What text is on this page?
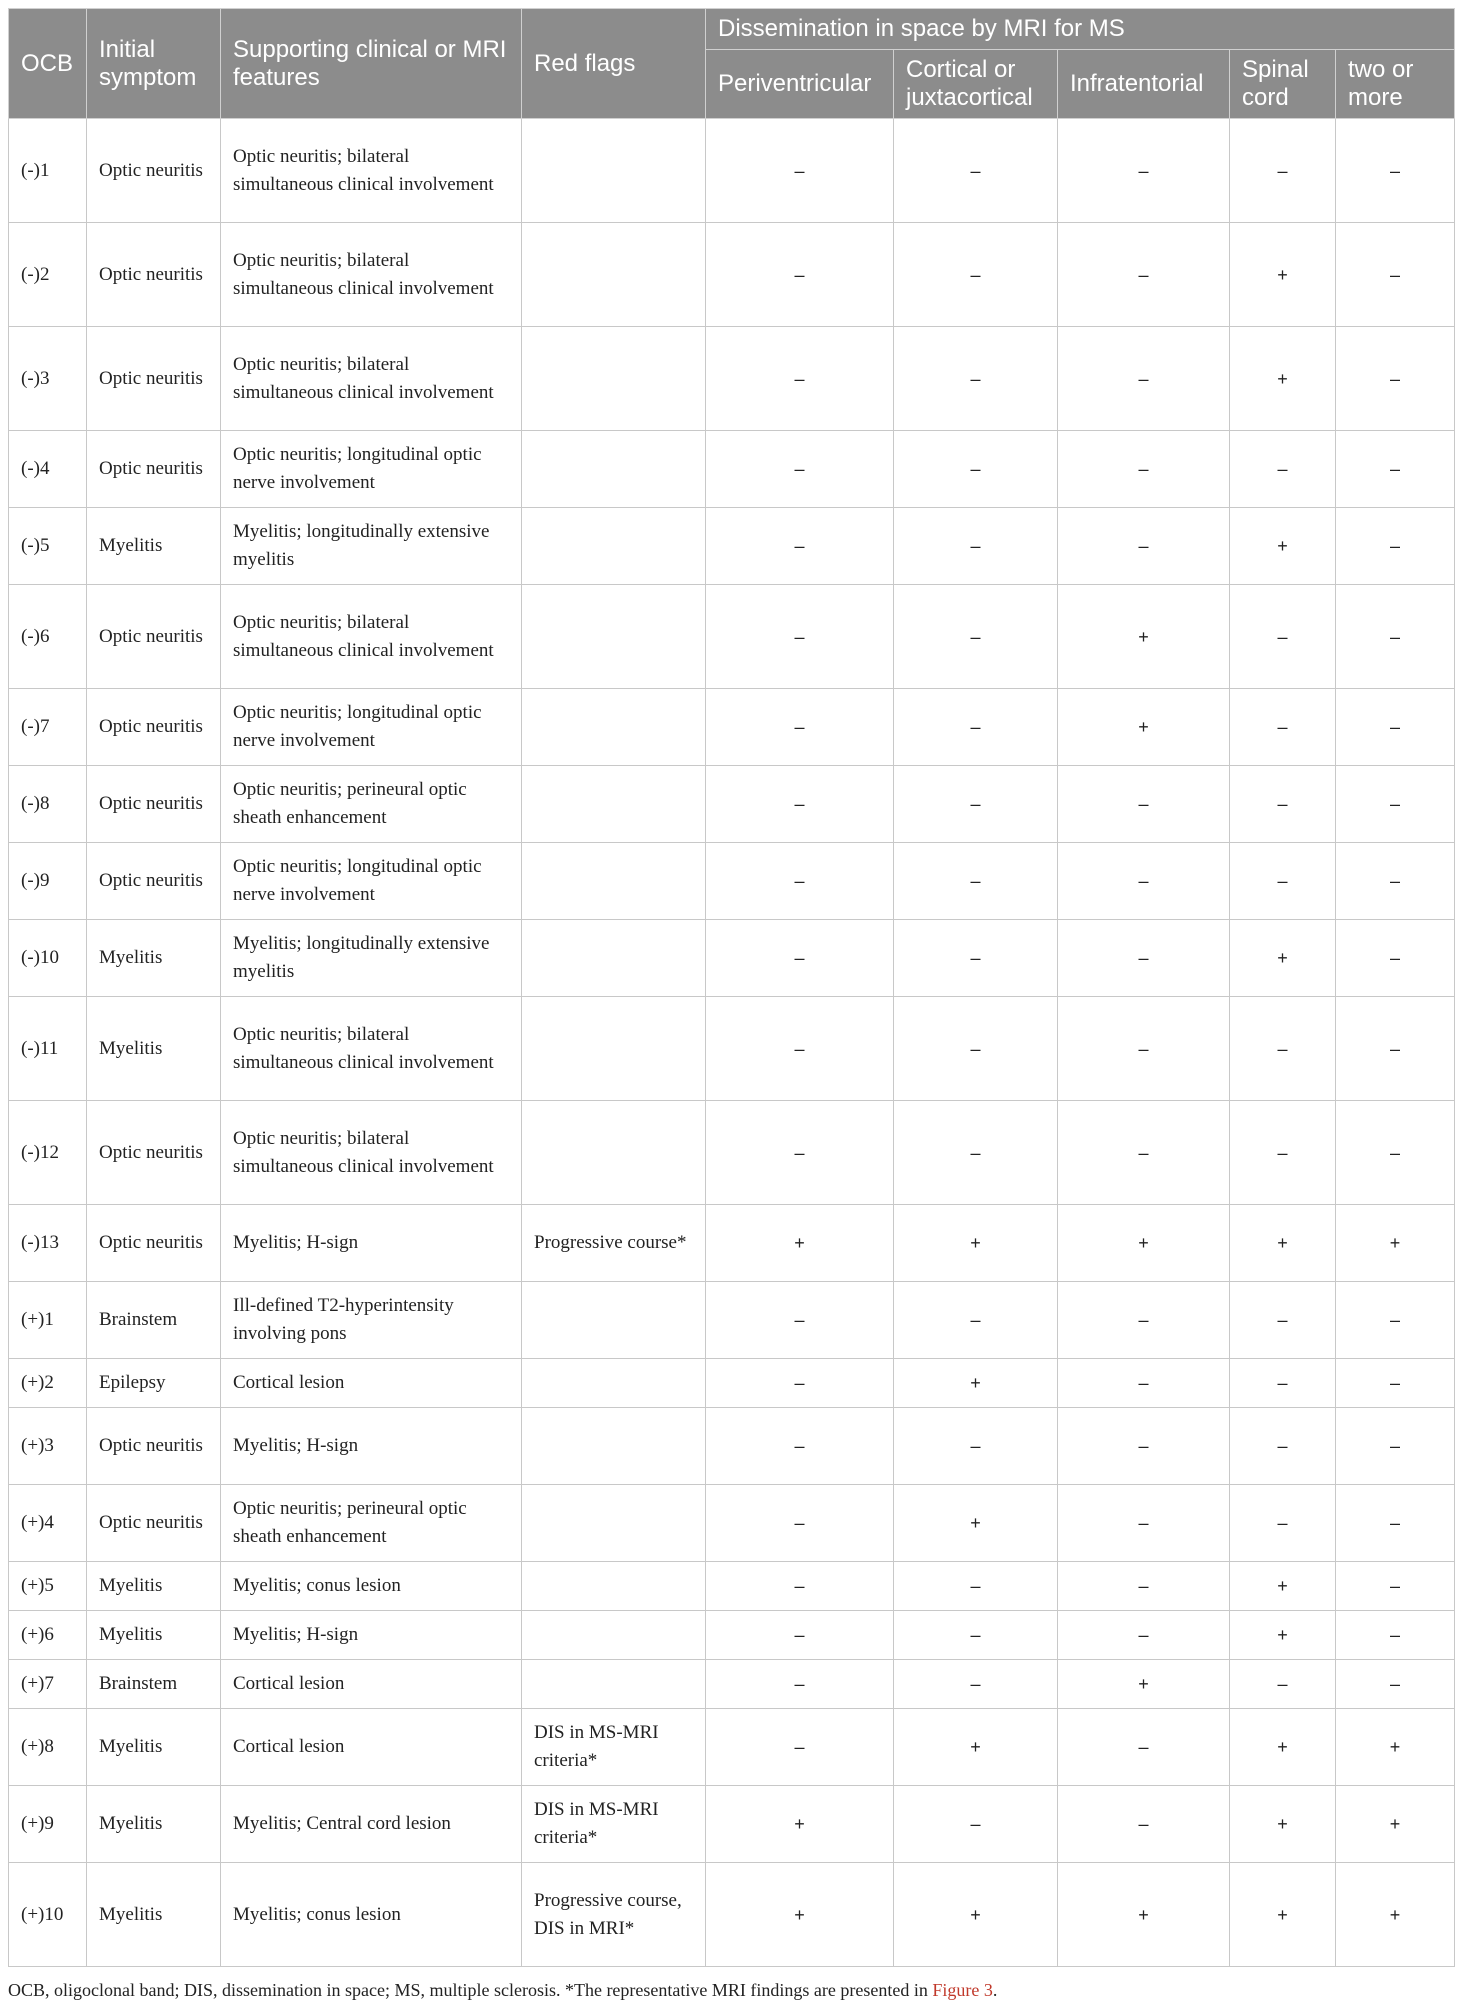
OCB	Initial symptom	Supporting clinical or MRI features	Red flags	Dissemination in space by MRI for MS				
				Periventricular	Cortical or juxtacortical	Infratentorial	Spinal cord	two or more
(-)1	Optic neuritis	Optic neuritis; bilateral simultaneous clinical involvement		–	–	–	–	–
(-)2	Optic neuritis	Optic neuritis; bilateral simultaneous clinical involvement		–	–	–	+	–
(-)3	Optic neuritis	Optic neuritis; bilateral simultaneous clinical involvement		–	–	–	+	–
(-)4	Optic neuritis	Optic neuritis; longitudinal optic nerve involvement		–	–	–	–	–
(-)5	Myelitis	Myelitis; longitudinally extensive myelitis		–	–	–	+	–
(-)6	Optic neuritis	Optic neuritis; bilateral simultaneous clinical involvement		–	–	+	–	–
(-)7	Optic neuritis	Optic neuritis; longitudinal optic nerve involvement		–	–	+	–	–
(-)8	Optic neuritis	Optic neuritis; perineural optic sheath enhancement		–	–	–	–	–
(-)9	Optic neuritis	Optic neuritis; longitudinal optic nerve involvement		–	–	–	–	–
(-)10	Myelitis	Myelitis; longitudinally extensive myelitis		–	–	–	+	–
(-)11	Myelitis	Optic neuritis; bilateral simultaneous clinical involvement		–	–	–	–	–
(-)12	Optic neuritis	Optic neuritis; bilateral simultaneous clinical involvement		–	–	–	–	–
(-)13	Optic neuritis	Myelitis; H-sign	Progressive course*	+	+	+	+	+
(+)1	Brainstem	Ill-defined T2-hyperintensity involving pons		–	–	–	–	–
(+)2	Epilepsy	Cortical lesion		–	+	–	–	–
(+)3	Optic neuritis	Myelitis; H-sign		–	–	–	–	–
(+)4	Optic neuritis	Optic neuritis; perineural optic sheath enhancement		–	+	–	–	–
(+)5	Myelitis	Myelitis; conus lesion		–	–	–	+	–
(+)6	Myelitis	Myelitis; H-sign		–	–	–	+	–
(+)7	Brainstem	Cortical lesion		–	–	+	–	–
(+)8	Myelitis	Cortical lesion	DIS in MS-MRI criteria*	–	+	–	+	+
(+)9	Myelitis	Myelitis; Central cord lesion	DIS in MS-MRI criteria*	+	–	–	+	+
(+)10	Myelitis	Myelitis; conus lesion	Progressive course, DIS in MRI*	+	+	+	+	+
OCB, oligoclonal band; DIS, dissemination in space; MS, multiple sclerosis. *The representative MRI findings are presented in Figure 3.
